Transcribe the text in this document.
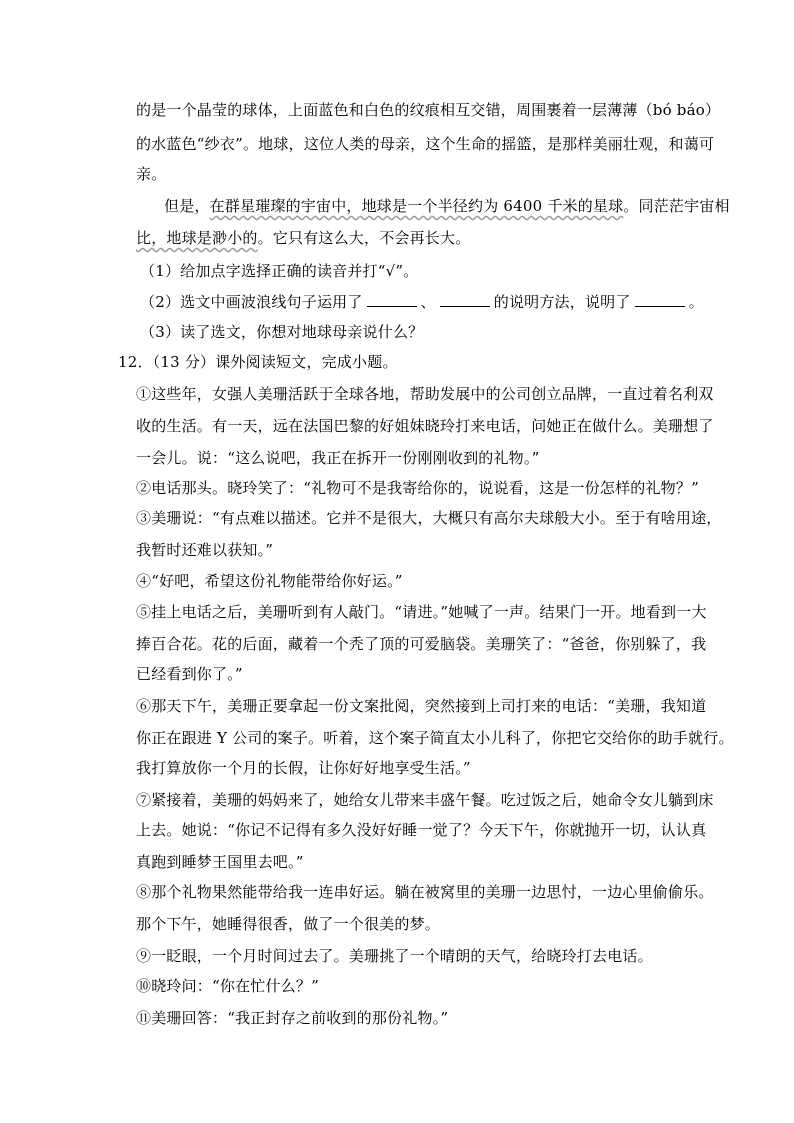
的是一个晶莹的球体，上面蓝色和白色的纹痕相互交错，周围裹着一层薄薄（bó báo）
的水蓝色“纱衣”。地球，这位人类的母亲，这个生命的摇篮，是那样美丽壮观，和蔼可
亲。
但是，在群星璀璨的宇宙中，地球是一个半径约为 6400 千米的星球。同茫茫宇宙相
比，地球是渺小的。它只有这么大，不会再长大。
（1）给加点字选择正确的读音并打“√”。
（2）选文中画波浪线句子运用了	、	的说明方法，说明了	。
（3）读了选文，你想对地球母亲说什么？
12．（13 分）课外阅读短文，完成小题。
①这些年，女强人美珊活跃于全球各地，帮助发展中的公司创立品牌，一直过着名利双
收的生活。有一天，远在法国巴黎的好姐妹晓玲打来电话，问她正在做什么。美珊想了
一会儿。说：“这么说吧，我正在拆开一份刚刚收到的礼物。”
②电话那头。晓玲笑了：“礼物可不是我寄给你的，说说看，这是一份怎样的礼物？”
③美珊说：“有点难以描述。它并不是很大，大概只有高尔夫球般大小。至于有啥用途，
我暂时还难以获知。”
④“好吧，希望这份礼物能带给你好运。”
⑤挂上电话之后，美珊听到有人敲门。“请进。”她喊了一声。结果门一开。地看到一大
捧百合花。花的后面，藏着一个秃了顶的可爱脑袋。美珊笑了：“爸爸，你别躲了，我
已经看到你了。”
⑥那天下午，美珊正要拿起一份文案批阅，突然接到上司打来的电话：“美珊，我知道
你正在跟进 Y 公司的案子。听着，这个案子简直太小儿科了，你把它交给你的助手就行。
我打算放你一个月的长假，让你好好地享受生活。”
⑦紧接着，美珊的妈妈来了，她给女儿带来丰盛午餐。吃过饭之后，她命令女儿躺到床
上去。她说：“你记不记得有多久没好好睡一觉了？今天下午，你就抛开一切，认认真
真跑到睡梦王国里去吧。”
⑧那个礼物果然能带给我一连串好运。躺在被窝里的美珊一边思忖，一边心里偷偷乐。
那个下午，她睡得很香，做了一个很美的梦。
⑨一眨眼，一个月时间过去了。美珊挑了一个晴朗的天气，给晓玲打去电话。
⑩晓玲问：“你在忙什么？”
⑪美珊回答：“我正封存之前收到的那份礼物。”
